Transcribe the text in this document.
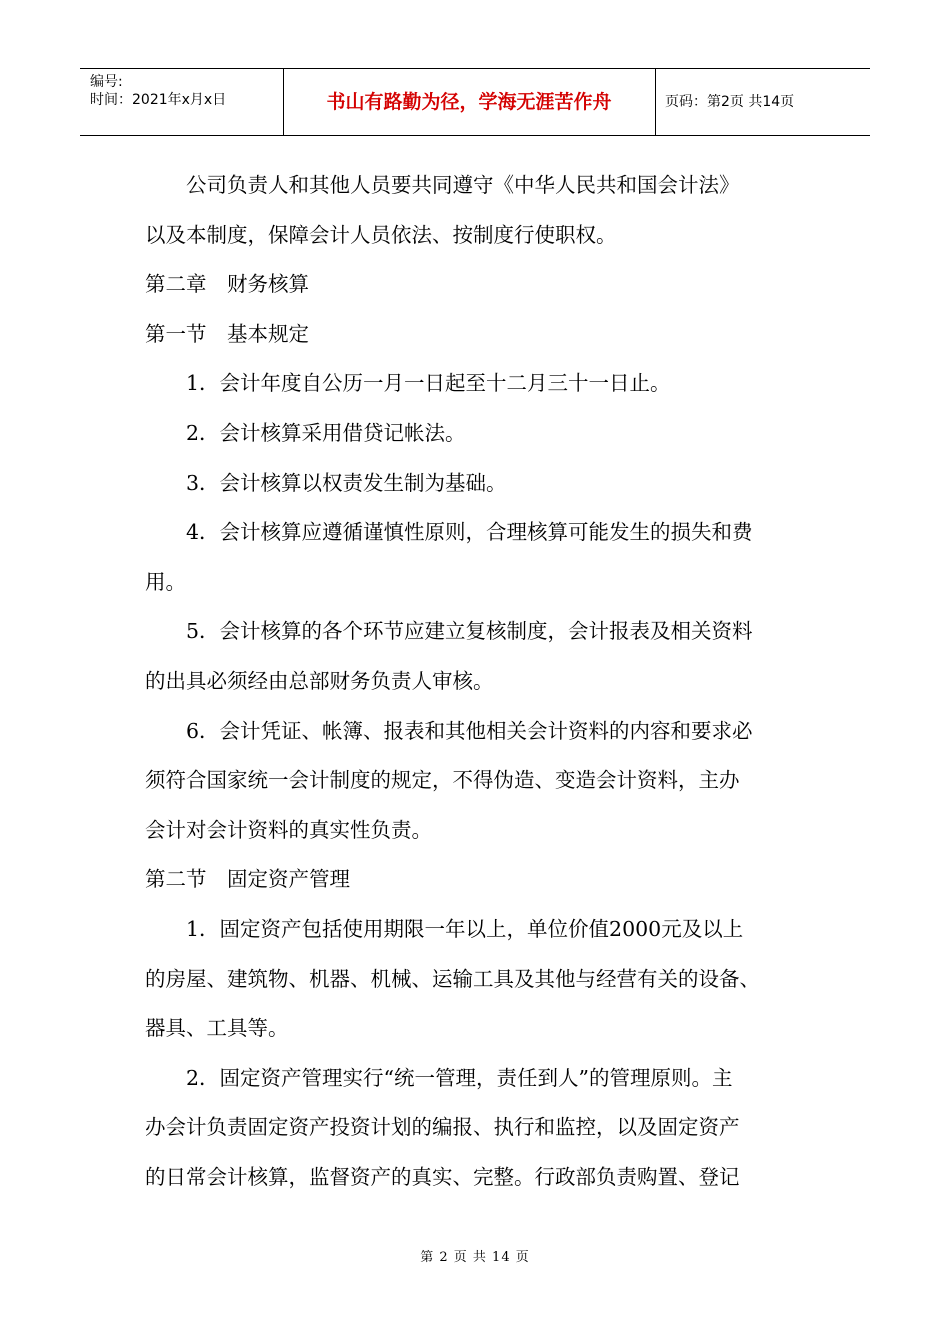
编号:
时间：2021年x月x日	书山有路勤为径，学海无涯苦作舟	页码：第2页 共14页
公司负责人和其他人员要共同遵守《中华人民共和国会计法》
以及本制度，保障会计人员依法、按制度行使职权。
第二章　财务核算
第一节　基本规定
1．会计年度自公历一月一日起至十二月三十一日止。
2．会计核算采用借贷记帐法。
3．会计核算以权责发生制为基础。
4．会计核算应遵循谨慎性原则，合理核算可能发生的损失和费
用。
5．会计核算的各个环节应建立复核制度，会计报表及相关资料
的出具必须经由总部财务负责人审核。
6．会计凭证、帐簿、报表和其他相关会计资料的内容和要求必
须符合国家统一会计制度的规定，不得伪造、变造会计资料，主办
会计对会计资料的真实性负责。
第二节　固定资产管理
1．固定资产包括使用期限一年以上，单位价值2000元及以上
的房屋、建筑物、机器、机械、运输工具及其他与经营有关的设备、
器具、工具等。
2．固定资产管理实行“统一管理，责任到人”的管理原则。主
办会计负责固定资产投资计划的编报、执行和监控，以及固定资产
的日常会计核算，监督资产的真实、完整。行政部负责购置、登记
第 2 页 共 14 页
